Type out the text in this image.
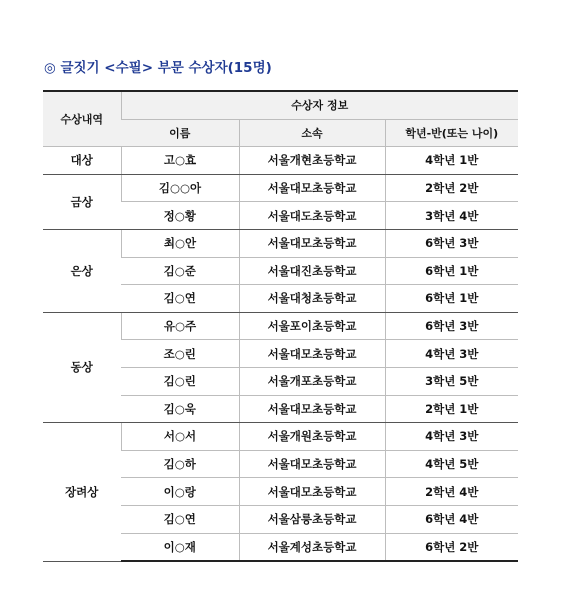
◎ 글짓기 <수필> 부문 수상자(15명)
수상내역	수상자 정보		
	이름	소속	학년-반(또는 나이)
대상	고○효	서울개현초등학교	4학년 1반
금상	김○○아	서울대모초등학교	2학년 2반
	정○황	서울대도초등학교	3학년 4반
은상	최○안	서울대모초등학교	6학년 3반
	김○준	서울대진초등학교	6학년 1반
	김○연	서울대청초등학교	6학년 1반
동상	유○주	서울포이초등학교	6학년 3반
	조○린	서울대모초등학교	4학년 3반
	김○린	서울개포초등학교	3학년 5반
	김○욱	서울대모초등학교	2학년 1반
장려상	서○서	서울개원초등학교	4학년 3반
	김○하	서울대모초등학교	4학년 5반
	이○랑	서울대모초등학교	2학년 4반
	김○연	서울삼릉초등학교	6학년 4반
	이○재	서울계성초등학교	6학년 2반
